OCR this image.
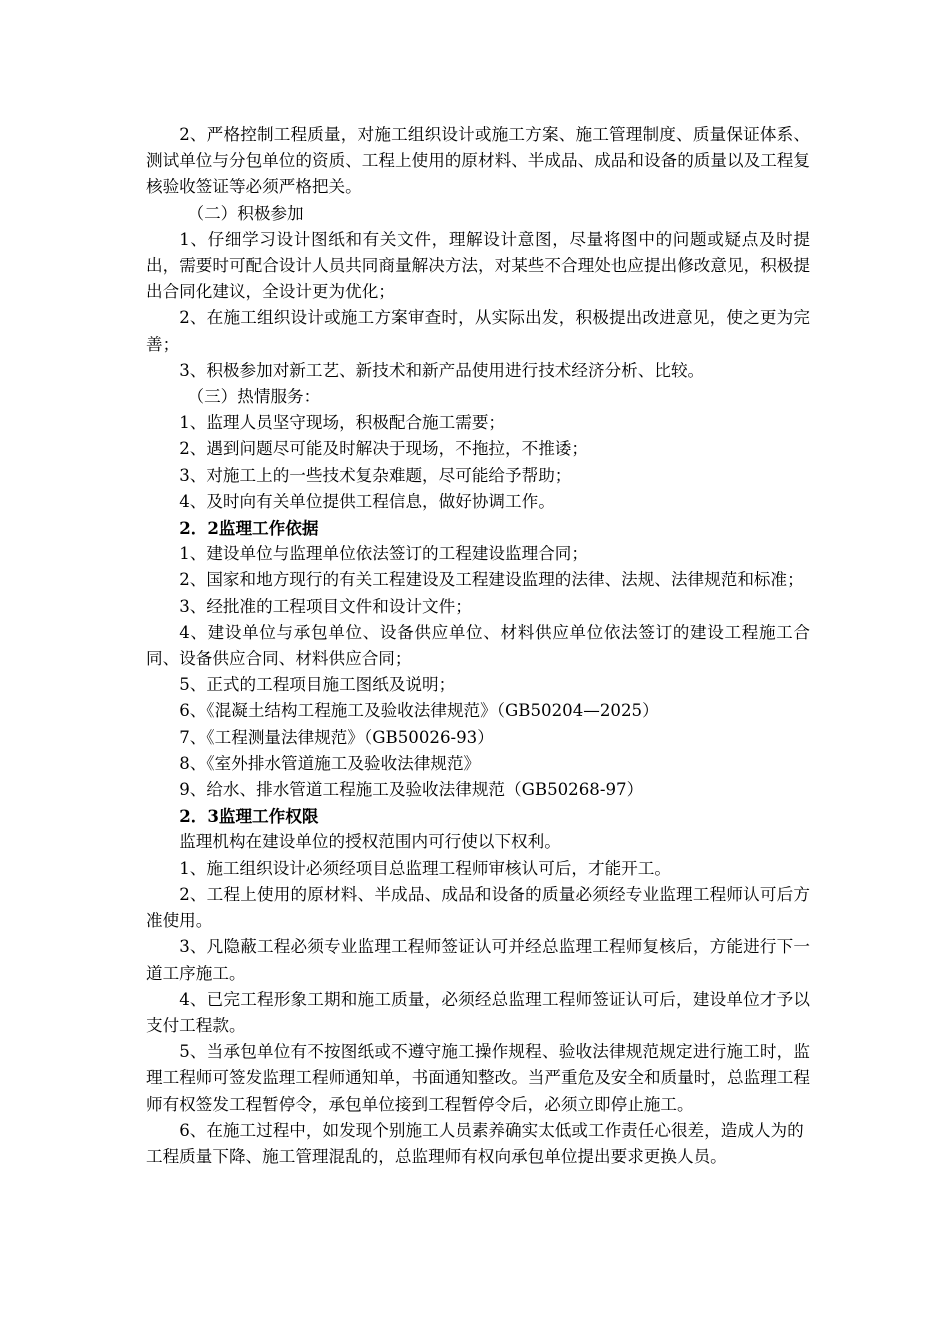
2、严格控制工程质量，对施工组织设计或施工方案、施工管理制度、质量保证体系、测试单位与分包单位的资质、工程上使用的原材料、半成品、成品和设备的质量以及工程复核验收签证等必须严格把关。

（二）积极参加

1、仔细学习设计图纸和有关文件，理解设计意图，尽量将图中的问题或疑点及时提出，需要时可配合设计人员共同商量解决方法，对某些不合理处也应提出修改意见，积极提出合同化建议，全设计更为优化；

2、在施工组织设计或施工方案审查时，从实际出发，积极提出改进意见，使之更为完善；

3、积极参加对新工艺、新技术和新产品使用进行技术经济分析、比较。

（三）热情服务：

1、监理人员坚守现场，积极配合施工需要；

2、遇到问题尽可能及时解决于现场，不拖拉，不推诿；

3、对施工上的一些技术复杂难题，尽可能给予帮助；

4、及时向有关单位提供工程信息，做好协调工作。

2．2监理工作依据

1、建设单位与监理单位依法签订的工程建设监理合同；

2、国家和地方现行的有关工程建设及工程建设监理的法律、法规、法律规范和标准；

3、经批准的工程项目文件和设计文件；

4、建设单位与承包单位、设备供应单位、材料供应单位依法签订的建设工程施工合同、设备供应合同、材料供应合同；

5、正式的工程项目施工图纸及说明；

6、《混凝土结构工程施工及验收法律规范》（GB50204—2025）

7、《工程测量法律规范》（GB50026-93）

8、《室外排水管道施工及验收法律规范》

9、给水、排水管道工程施工及验收法律规范（GB50268-97）

2．3监理工作权限

监理机构在建设单位的授权范围内可行使以下权利。

1、施工组织设计必须经项目总监理工程师审核认可后，才能开工。

2、工程上使用的原材料、半成品、成品和设备的质量必须经专业监理工程师认可后方准使用。

3、凡隐蔽工程必须专业监理工程师签证认可并经总监理工程师复核后，方能进行下一道工序施工。

4、已完工程形象工期和施工质量，必须经总监理工程师签证认可后，建设单位才予以支付工程款。

5、当承包单位有不按图纸或不遵守施工操作规程、验收法律规范规定进行施工时，监理工程师可签发监理工程师通知单，书面通知整改。当严重危及安全和质量时，总监理工程师有权签发工程暂停令，承包单位接到工程暂停令后，必须立即停止施工。

6、在施工过程中，如发现个别施工人员素养确实太低或工作责任心很差，造成人为的工程质量下降、施工管理混乱的，总监理师有权向承包单位提出要求更换人员。
